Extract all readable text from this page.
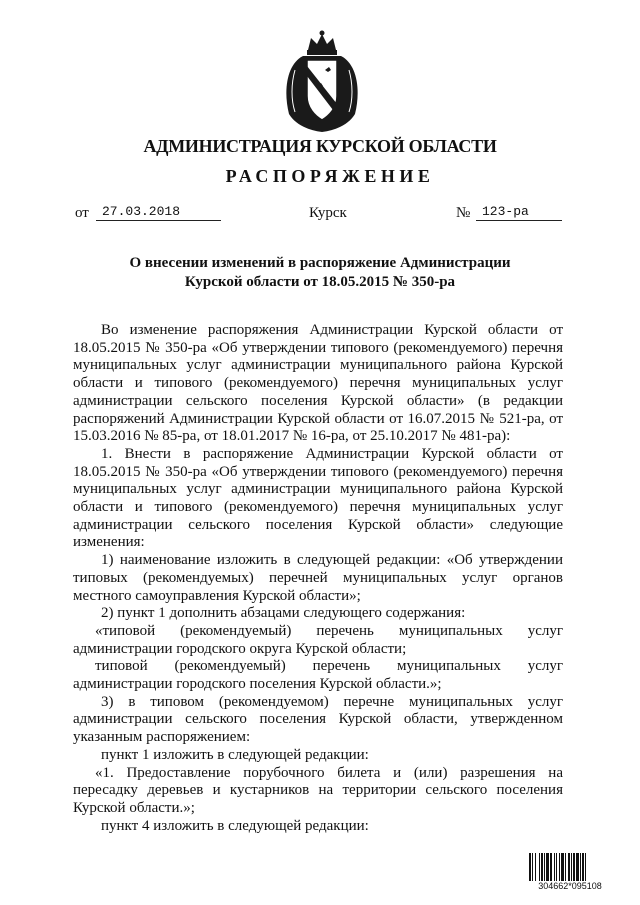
АДМИНИСТРАЦИЯ КУРСКОЙ ОБЛАСТИ
РАСПОРЯЖЕНИЕ
от	27.03.2018	Курск	№ 123-ра
О внесении изменений в распоряжение Администрации
Курской области от 18.05.2015 № 350-ра

Во изменение распоряжения Администрации Курской области от 18.05.2015 № 350-ра «Об утверждении типового (рекомендуемого) перечня муниципальных услуг администрации муниципального района Курской области и типового (рекомендуемого) перечня муниципальных услуг администрации сельского поселения Курской области» (в редакции распоряжений Администрации Курской области от 16.07.2015 № 521-ра, от 15.03.2016 № 85-ра, от 18.01.2017 № 16-ра, от 25.10.2017 № 481-ра):

1. Внести в распоряжение Администрации Курской области от 18.05.2015 № 350-ра «Об утверждении типового (рекомендуемого) перечня муниципальных услуг администрации муниципального района Курской области и типового (рекомендуемого) перечня муниципальных услуг администрации сельского поселения Курской области» следующие изменения:

1) наименование изложить в следующей редакции: «Об утверждении типовых (рекомендуемых) перечней муниципальных услуг органов местного самоуправления Курской области»;

2) пункт 1 дополнить абзацами следующего содержания:

«типовой (рекомендуемый) перечень муниципальных услуг администрации городского округа Курской области;

типовой (рекомендуемый) перечень муниципальных услуг администрации городского поселения Курской области.»;

3) в типовом (рекомендуемом) перечне муниципальных услуг администрации сельского поселения Курской области, утвержденном указанным распоряжением:

пункт 1 изложить в следующей редакции:

«1. Предоставление порубочного билета и (или) разрешения на пересадку деревьев и кустарников на территории сельского поселения Курской области.»;

пункт 4 изложить в следующей редакции:

304662*095108
